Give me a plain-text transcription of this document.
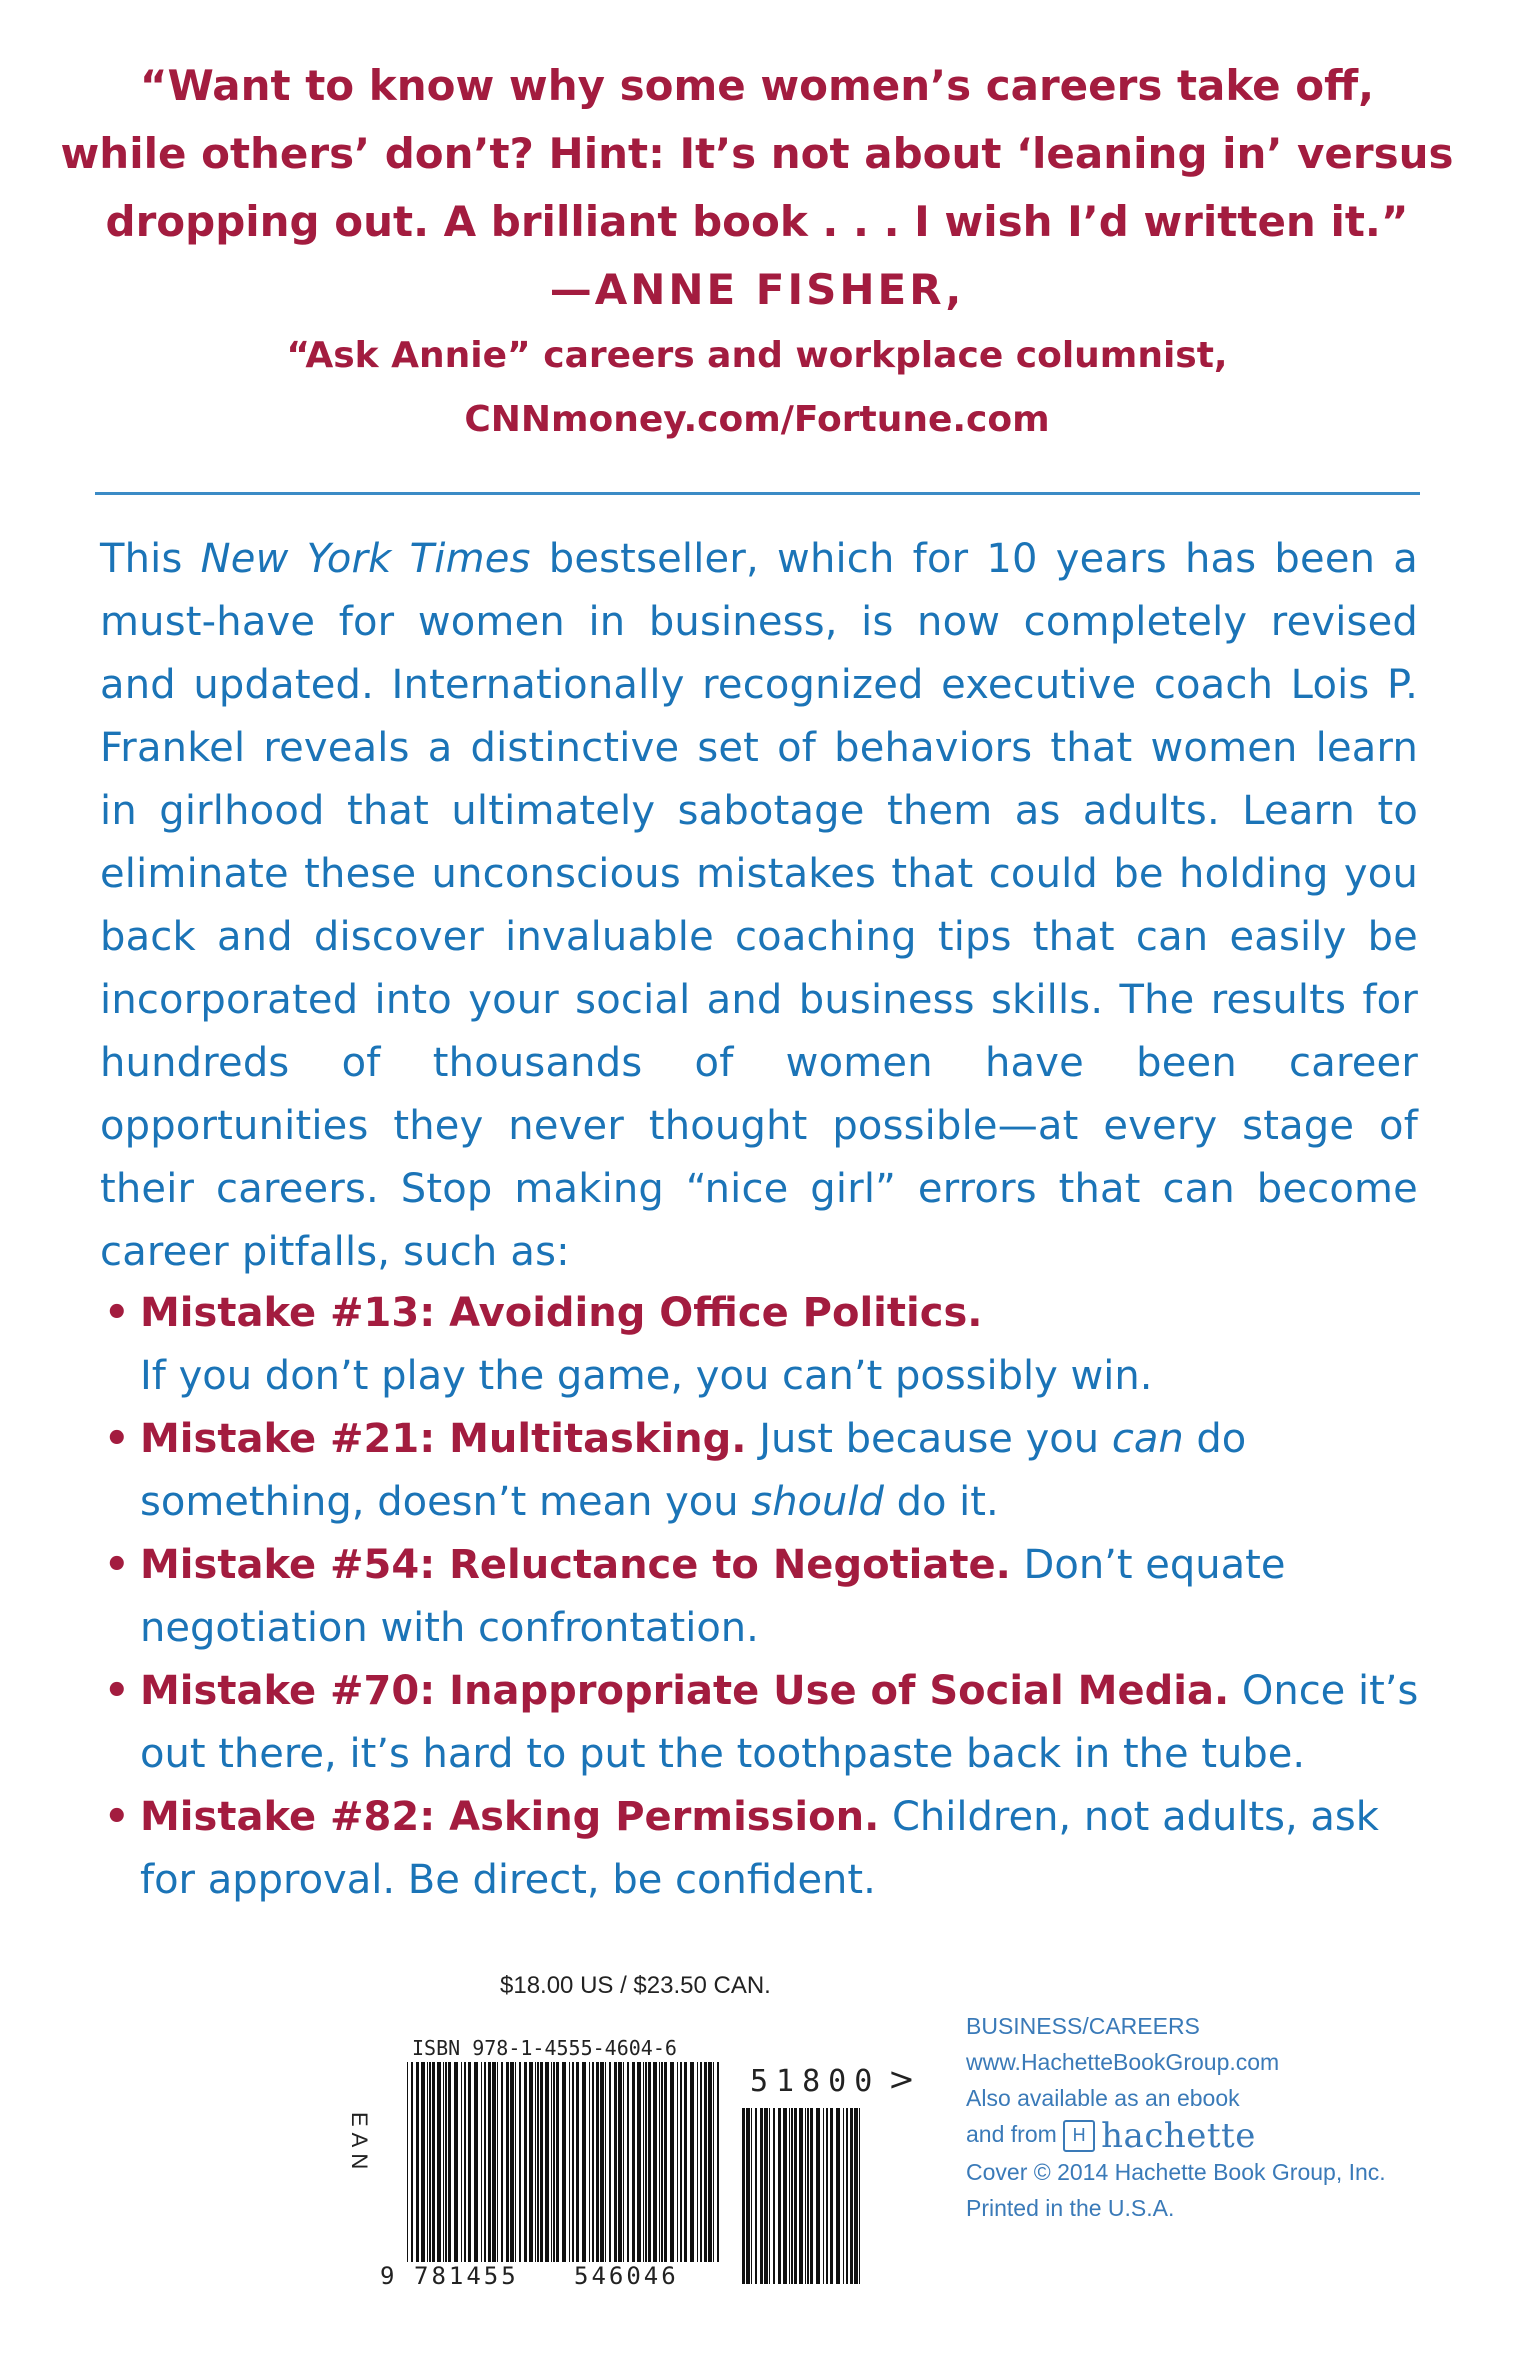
“Want to know why some women’s careers take off,
while others’ don’t? Hint: It’s not about ‘leaning in’ versus
dropping out. A brilliant book . . . I wish I’d written it.”
—ANNE FISHER,
“Ask Annie” careers and workplace columnist,
CNNmoney.com/Fortune.com

This New York Times bestseller, which for 10 years has been a must-have for women in business, is now completely revised and updated. Internationally recognized executive coach Lois P. Frankel reveals a distinctive set of behaviors that women learn in girlhood that ultimately sabotage them as adults. Learn to eliminate these unconscious mistakes that could be holding you back and discover invaluable coaching tips that can easily be incorporated into your social and business skills. The results for hundreds of thousands of women have been career opportunities they never thought possible—at every stage of their careers. Stop making “nice girl” errors that can become career pitfalls, such as:

• Mistake #13: Avoiding Office Politics.
If you don’t play the game, you can’t possibly win.
• Mistake #21: Multitasking. Just because you can do something, doesn’t mean you should do it.
• Mistake #54: Reluctance to Negotiate. Don’t equate negotiation with confrontation.
• Mistake #70: Inappropriate Use of Social Media. Once it’s out there, it’s hard to put the toothpaste back in the tube.
• Mistake #82: Asking Permission. Children, not adults, ask for approval. Be direct, be confident.
$18.00 US / $23.50 CAN.
ISBN 978-1-4555-4604-6
EAN
9 781455	546046
51800 >
BUSINESS/CAREERS
www.HachetteBookGroup.com
Also available as an ebook
and from H hachette
Cover © 2014 Hachette Book Group, Inc.
Printed in the U.S.A.
